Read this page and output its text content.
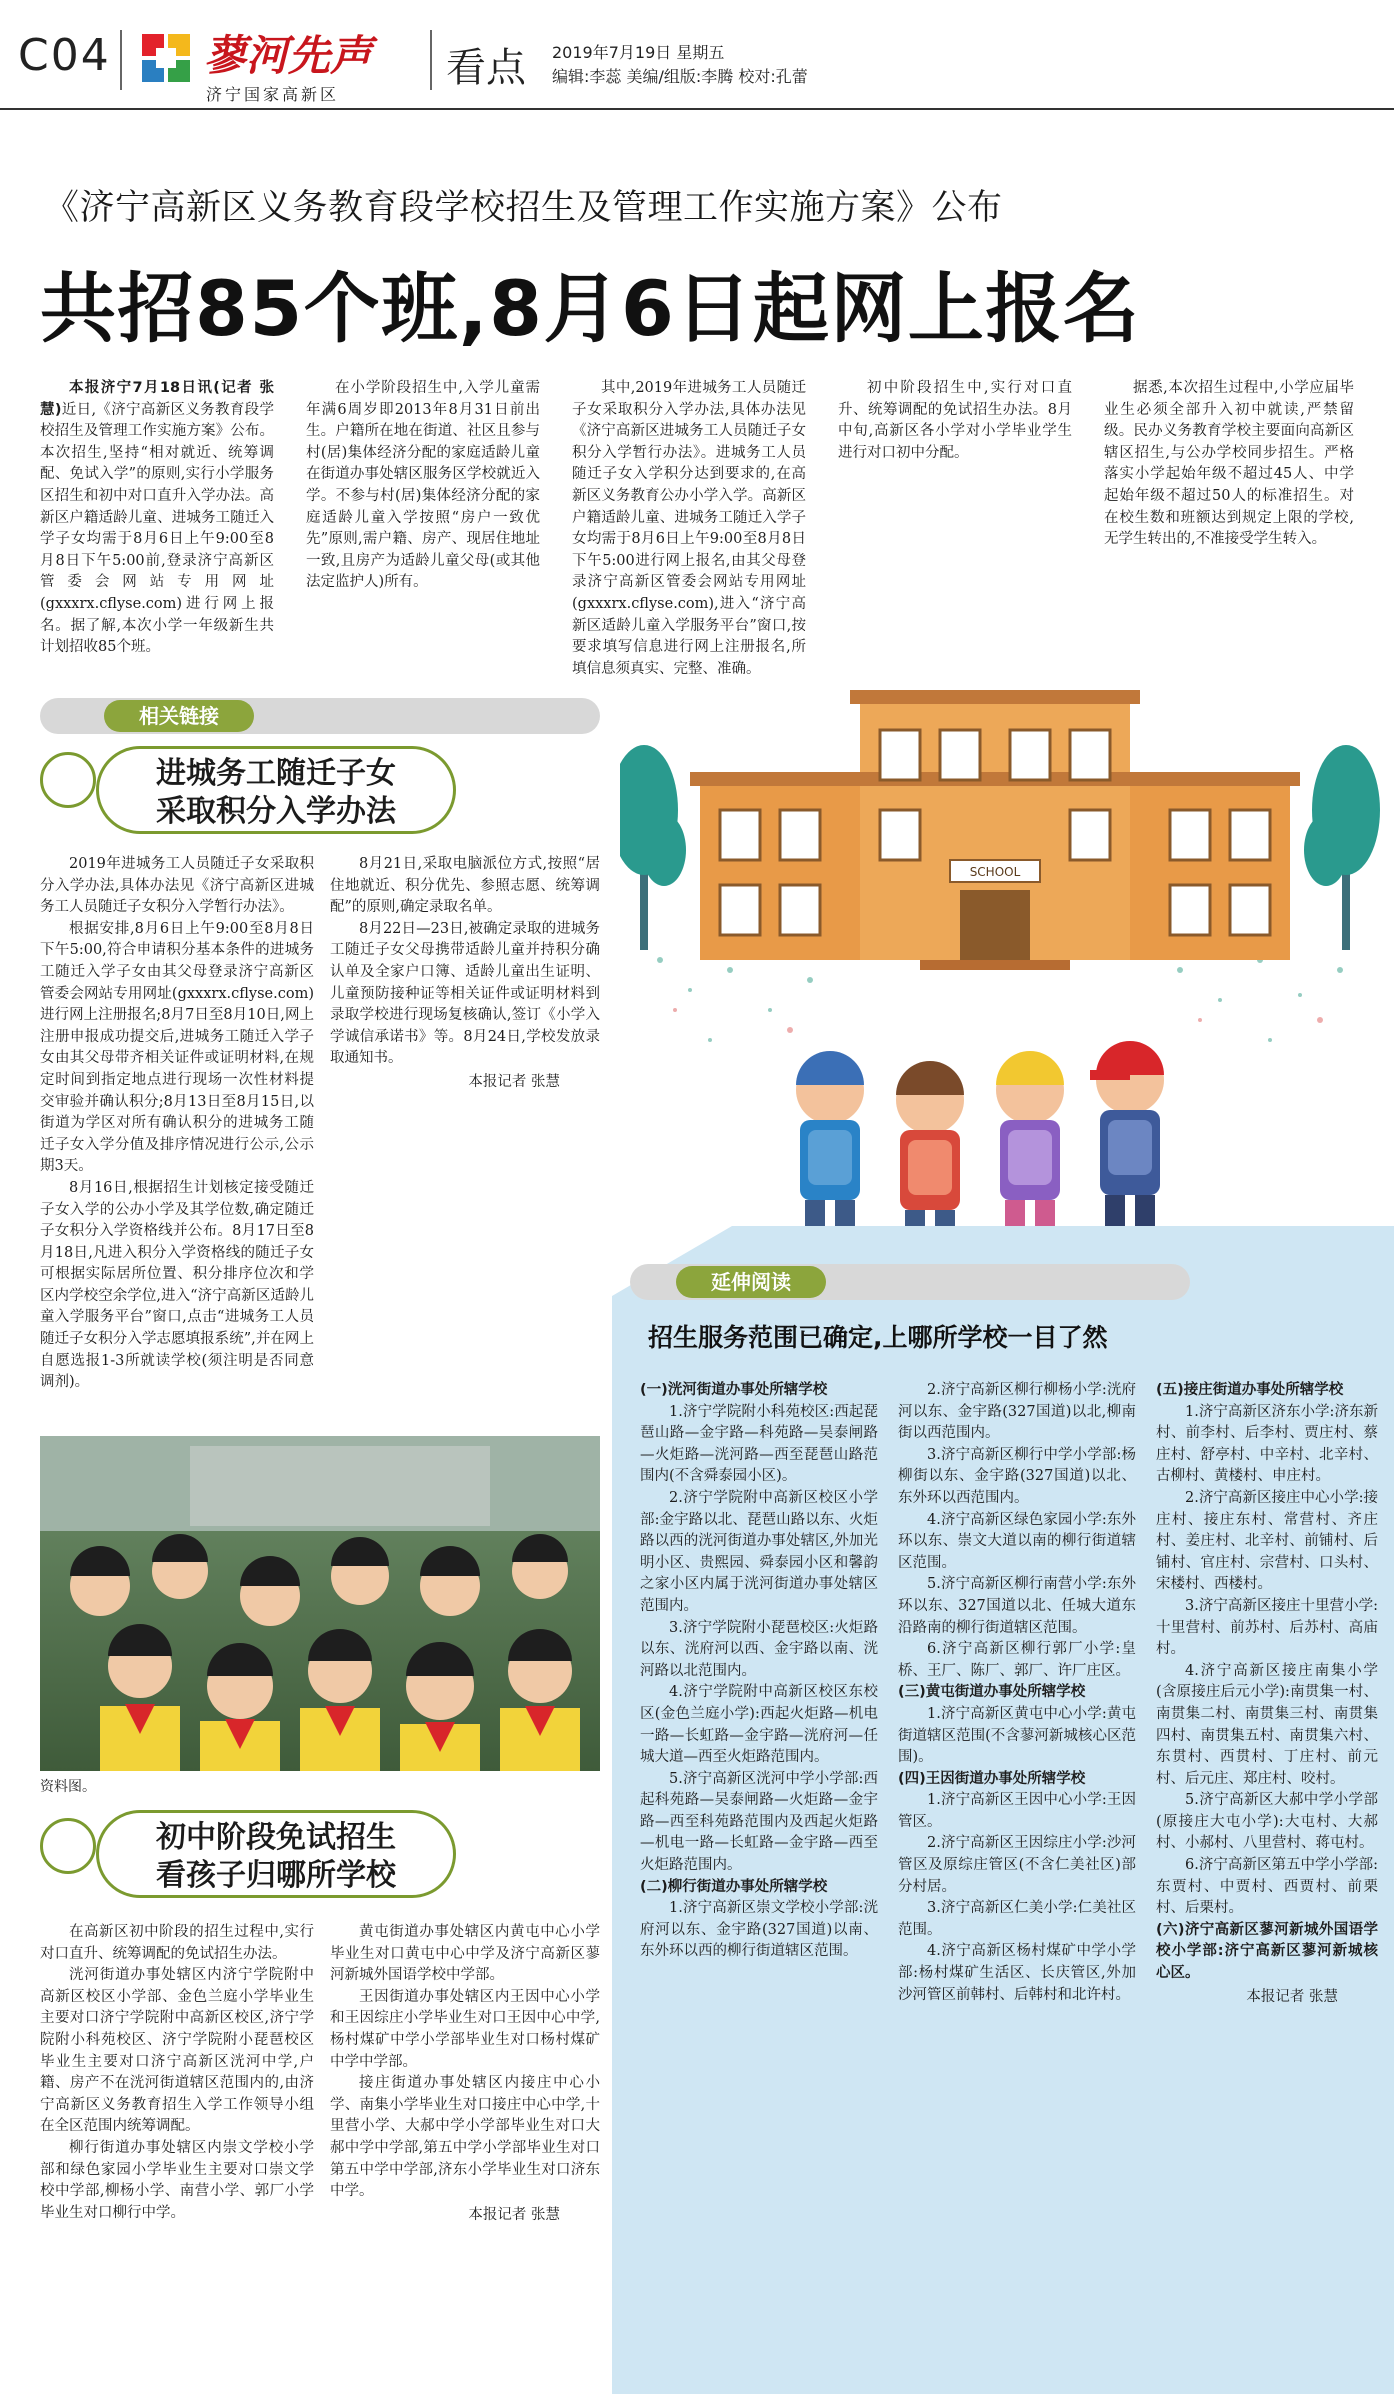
C04 蓼河先声
济宁国家高新区
看点 2019年7月19日 星期五
编辑:李蕊 美编/组版:李腾 校对:孔蕾
《济宁高新区义务教育段学校招生及管理工作实施方案》公布
共招85个班,8月6日起网上报名

本报济宁7月18日讯(记者 张慧)近日,《济宁高新区义务教育段学校招生及管理工作实施方案》公布。本次招生,坚持“相对就近、统筹调配、免试入学”的原则,实行小学服务区招生和初中对口直升入学办法。高新区户籍适龄儿童、进城务工随迁入学子女均需于8月6日上午9:00至8月8日下午5:00前,登录济宁高新区管委会网站专用网址(gxxxrx.cflyse.com)进行网上报名。据了解,本次小学一年级新生共计划招收85个班。

在小学阶段招生中,入学儿童需年满6周岁即2013年8月31日前出生。户籍所在地在街道、社区且参与村(居)集体经济分配的家庭适龄儿童在街道办事处辖区服务区学校就近入学。不参与村(居)集体经济分配的家庭适龄儿童入学按照“房户一致优先”原则,需户籍、房产、现居住地址一致,且房产为适龄儿童父母(或其他法定监护人)所有。

其中,2019年进城务工人员随迁子女采取积分入学办法,具体办法见《济宁高新区进城务工人员随迁子女积分入学暂行办法》。进城务工人员随迁子女入学积分达到要求的,在高新区义务教育公办小学入学。高新区户籍适龄儿童、进城务工随迁入学子女均需于8月6日上午9:00至8月8日下午5:00进行网上报名,由其父母登录济宁高新区管委会网站专用网址(gxxxrx.cflyse.com),进入“济宁高新区适龄儿童入学服务平台”窗口,按要求填写信息进行网上注册报名,所填信息须真实、完整、准确。

初中阶段招生中,实行对口直升、统筹调配的免试招生办法。8月中旬,高新区各小学对小学毕业学生进行对口初中分配。

据悉,本次招生过程中,小学应届毕业生必须全部升入初中就读,严禁留级。民办义务教育学校主要面向高新区辖区招生,与公办学校同步招生。严格落实小学起始年级不超过45人、中学起始年级不超过50人的标准招生。对在校生数和班额达到规定上限的学校,无学生转出的,不准接受学生转入。

相关链接
进城务工随迁子女
采取积分入学办法

2019年进城务工人员随迁子女采取积分入学办法,具体办法见《济宁高新区进城务工人员随迁子女积分入学暂行办法》。

根据安排,8月6日上午9:00至8月8日下午5:00,符合申请积分基本条件的进城务工随迁入学子女由其父母登录济宁高新区管委会网站专用网址(gxxxrx.cflyse.com)进行网上注册报名;8月7日至8月10日,网上注册申报成功提交后,进城务工随迁入学子女由其父母带齐相关证件或证明材料,在规定时间到指定地点进行现场一次性材料提交审验并确认积分;8月13日至8月15日,以街道为学区对所有确认积分的进城务工随迁子女入学分值及排序情况进行公示,公示期3天。

8月16日,根据招生计划核定接受随迁子女入学的公办小学及其学位数,确定随迁子女积分入学资格线并公布。8月17日至8月18日,凡进入积分入学资格线的随迁子女可根据实际居所位置、积分排序位次和学区内学校空余学位,进入“济宁高新区适龄儿童入学服务平台”窗口,点击“进城务工人员随迁子女积分入学志愿填报系统”,并在网上自愿选报1-3所就读学校(须注明是否同意调剂)。

8月21日,采取电脑派位方式,按照“居住地就近、积分优先、参照志愿、统筹调配”的原则,确定录取名单。

8月22日—23日,被确定录取的进城务工随迁子女父母携带适龄儿童并持积分确认单及全家户口簿、适龄儿童出生证明、儿童预防接种证等相关证件或证明材料到录取学校进行现场复核确认,签订《小学入学诚信承诺书》等。8月24日,学校发放录取通知书。

本报记者 张慧

资料图。
初中阶段免试招生
看孩子归哪所学校

在高新区初中阶段的招生过程中,实行对口直升、统筹调配的免试招生办法。

洸河街道办事处辖区内济宁学院附中高新区校区小学部、金色兰庭小学毕业生主要对口济宁学院附中高新区校区,济宁学院附小科苑校区、济宁学院附小琵琶校区毕业生主要对口济宁高新区洸河中学,户籍、房产不在洸河街道辖区范围内的,由济宁高新区义务教育招生入学工作领导小组在全区范围内统筹调配。

柳行街道办事处辖区内崇文学校小学部和绿色家园小学毕业生主要对口崇文学校中学部,柳杨小学、南营小学、郭厂小学毕业生对口柳行中学。

黄屯街道办事处辖区内黄屯中心小学毕业生对口黄屯中心中学及济宁高新区蓼河新城外国语学校中学部。

王因街道办事处辖区内王因中心小学和王因综庄小学毕业生对口王因中心中学,杨村煤矿中学小学部毕业生对口杨村煤矿中学中学部。

接庄街道办事处辖区内接庄中心小学、南集小学毕业生对口接庄中心中学,十里营小学、大郝中学小学部毕业生对口大郝中学中学部,第五中学小学部毕业生对口第五中学中学部,济东小学毕业生对口济东中学。

本报记者 张慧

SCHOOL
延伸阅读
招生服务范围已确定,上哪所学校一目了然

(一)洸河街道办事处所辖学校

1.济宁学院附小科苑校区:西起琵琶山路—金宇路—科苑路—吴泰闸路—火炬路—洸河路—西至琵琶山路范围内(不含舜泰园小区)。

2.济宁学院附中高新区校区小学部:金宇路以北、琵琶山路以东、火炬路以西的洸河街道办事处辖区,外加光明小区、贵熙园、舜泰园小区和馨韵之家小区内属于洸河街道办事处辖区范围内。

3.济宁学院附小琵琶校区:火炬路以东、洸府河以西、金宇路以南、洸河路以北范围内。

4.济宁学院附中高新区校区东校区(金色兰庭小学):西起火炬路—机电一路—长虹路—金宇路—洸府河—任城大道—西至火炬路范围内。

5.济宁高新区洸河中学小学部:西起科苑路—吴泰闸路—火炬路—金宇路—西至科苑路范围内及西起火炬路—机电一路—长虹路—金宇路—西至火炬路范围内。

(二)柳行街道办事处所辖学校

1.济宁高新区崇文学校小学部:洸府河以东、金宇路(327国道)以南、东外环以西的柳行街道辖区范围。

2.济宁高新区柳行柳杨小学:洸府河以东、金宇路(327国道)以北,柳南街以西范围内。

3.济宁高新区柳行中学小学部:杨柳街以东、金宇路(327国道)以北、东外环以西范围内。

4.济宁高新区绿色家园小学:东外环以东、崇文大道以南的柳行街道辖区范围。

5.济宁高新区柳行南营小学:东外环以东、327国道以北、任城大道东沿路南的柳行街道辖区范围。

6.济宁高新区柳行郭厂小学:皇桥、王厂、陈厂、郭厂、许厂庄区。

(三)黄屯街道办事处所辖学校

1.济宁高新区黄屯中心小学:黄屯街道辖区范围(不含蓼河新城核心区范围)。

(四)王因街道办事处所辖学校

1.济宁高新区王因中心小学:王因管区。

2.济宁高新区王因综庄小学:沙河管区及原综庄管区(不含仁美社区)部分村居。

3.济宁高新区仁美小学:仁美社区范围。

4.济宁高新区杨村煤矿中学小学部:杨村煤矿生活区、长庆管区,外加沙河管区前韩村、后韩村和北许村。

(五)接庄街道办事处所辖学校

1.济宁高新区济东小学:济东新村、前李村、后李村、贾庄村、蔡庄村、舒亭村、中辛村、北辛村、古柳村、黄楼村、申庄村。

2.济宁高新区接庄中心小学:接庄村、接庄东村、常营村、齐庄村、姜庄村、北辛村、前铺村、后铺村、官庄村、宗营村、口头村、宋楼村、西楼村。

3.济宁高新区接庄十里营小学:十里营村、前苏村、后苏村、高庙村。

4.济宁高新区接庄南集小学(含原接庄后元小学):南贯集一村、南贯集二村、南贯集三村、南贯集四村、南贯集五村、南贯集六村、东贯村、西贯村、丁庄村、前元村、后元庄、郑庄村、咬村。

5.济宁高新区大郝中学小学部(原接庄大屯小学):大屯村、大郝村、小郝村、八里营村、蒋屯村。

6.济宁高新区第五中学小学部:东贾村、中贾村、西贾村、前栗村、后栗村。

(六)济宁高新区蓼河新城外国语学校小学部:济宁高新区蓼河新城核心区。

本报记者 张慧
